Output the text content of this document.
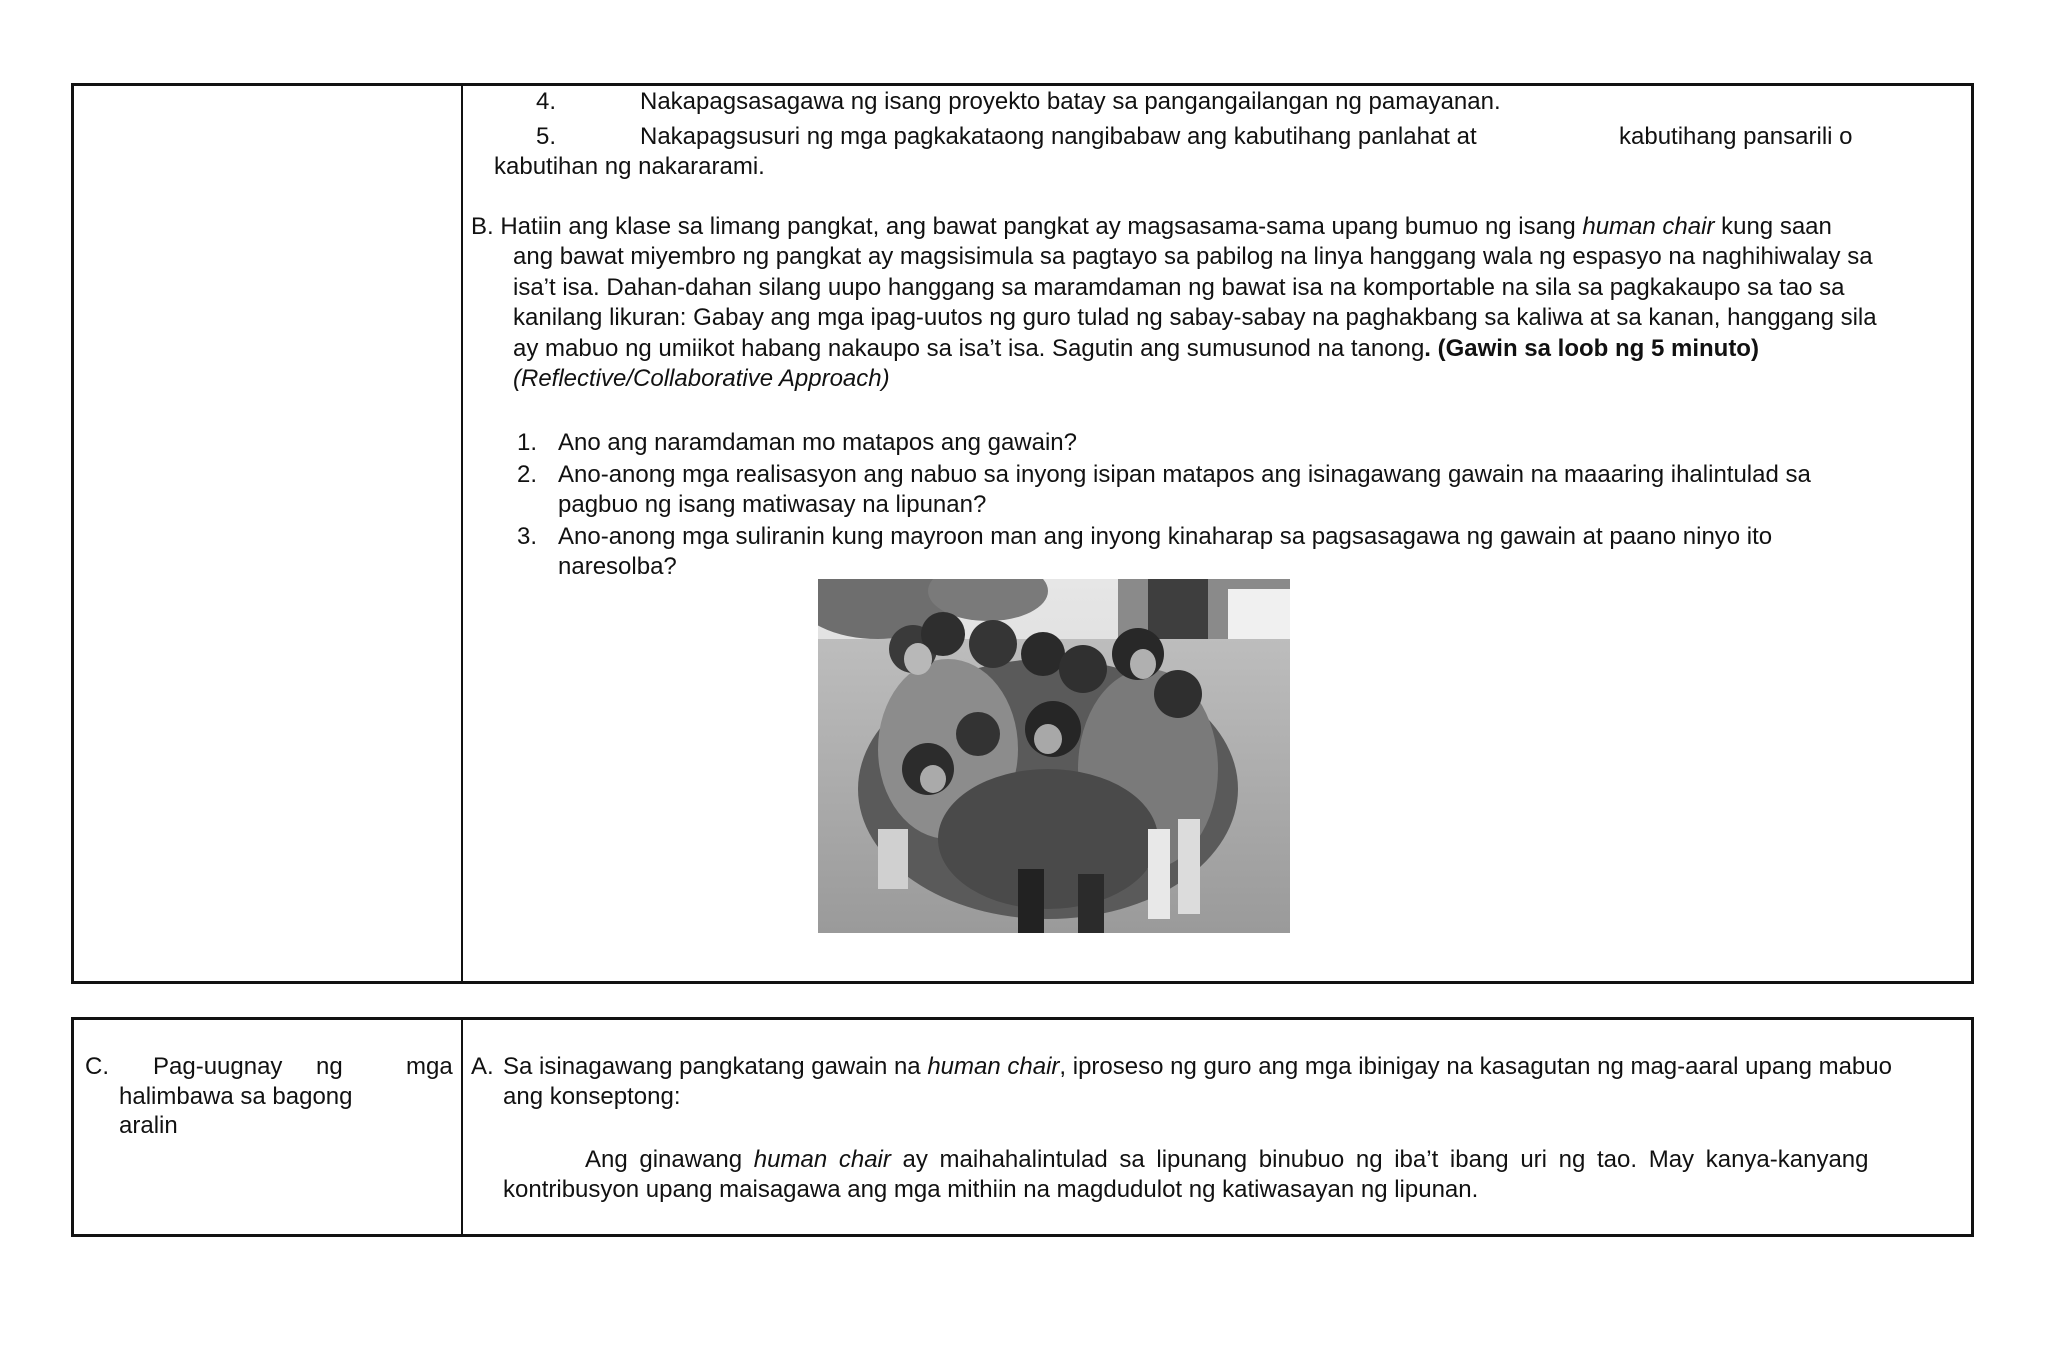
4.	Nakapagsasagawa ng isang proyekto batay sa pangangailangan ng pamayanan.
5.	Nakapagsusuri ng mga pagkakataong nangibabaw ang kabutihang panlahat at	kabutihang pansarili o
kabutihan ng nakararami.
B. Hatiin ang klase sa limang pangkat, ang bawat pangkat ay magsasama-sama upang bumuo ng isang human chair kung saan
ang bawat miyembro ng pangkat ay magsisimula sa pagtayo sa pabilog na linya hanggang wala ng espasyo na naghihiwalay sa
isa’t isa. Dahan-dahan silang uupo hanggang sa maramdaman ng bawat isa na komportable na sila sa pagkakaupo sa tao sa
kanilang likuran: Gabay ang mga ipag-uutos ng guro tulad ng sabay-sabay na paghakbang sa kaliwa at sa kanan, hanggang sila
ay mabuo ng umiikot habang nakaupo sa isa’t isa. Sagutin ang sumusunod na tanong. (Gawin sa loob ng 5 minuto)
(Reflective/Collaborative Approach)
1. Ano ang naramdaman mo matapos ang gawain?
2. Ano-anong mga realisasyon ang nabuo sa inyong isipan matapos ang isinagawang gawain na maaaring ihalintulad sa
pagbuo ng isang matiwasay na lipunan?
3. Ano-anong mga suliranin kung mayroon man ang inyong kinaharap sa pagsasagawa ng gawain at paano ninyo ito
naresolba?
C. Pag-uugnay ng	mga
halimbawa sa bagong
aralin
A. Sa isinagawang pangkatang gawain na human chair, iproseso ng guro ang mga ibinigay na kasagutan ng mag-aaral upang mabuo
ang konseptong:
Ang ginawang human chair ay maihahalintulad sa lipunang binubuo ng iba’t ibang uri ng tao. May kanya-kanyang
kontribusyon upang maisagawa ang mga mithiin na magdudulot ng katiwasayan ng lipunan.
